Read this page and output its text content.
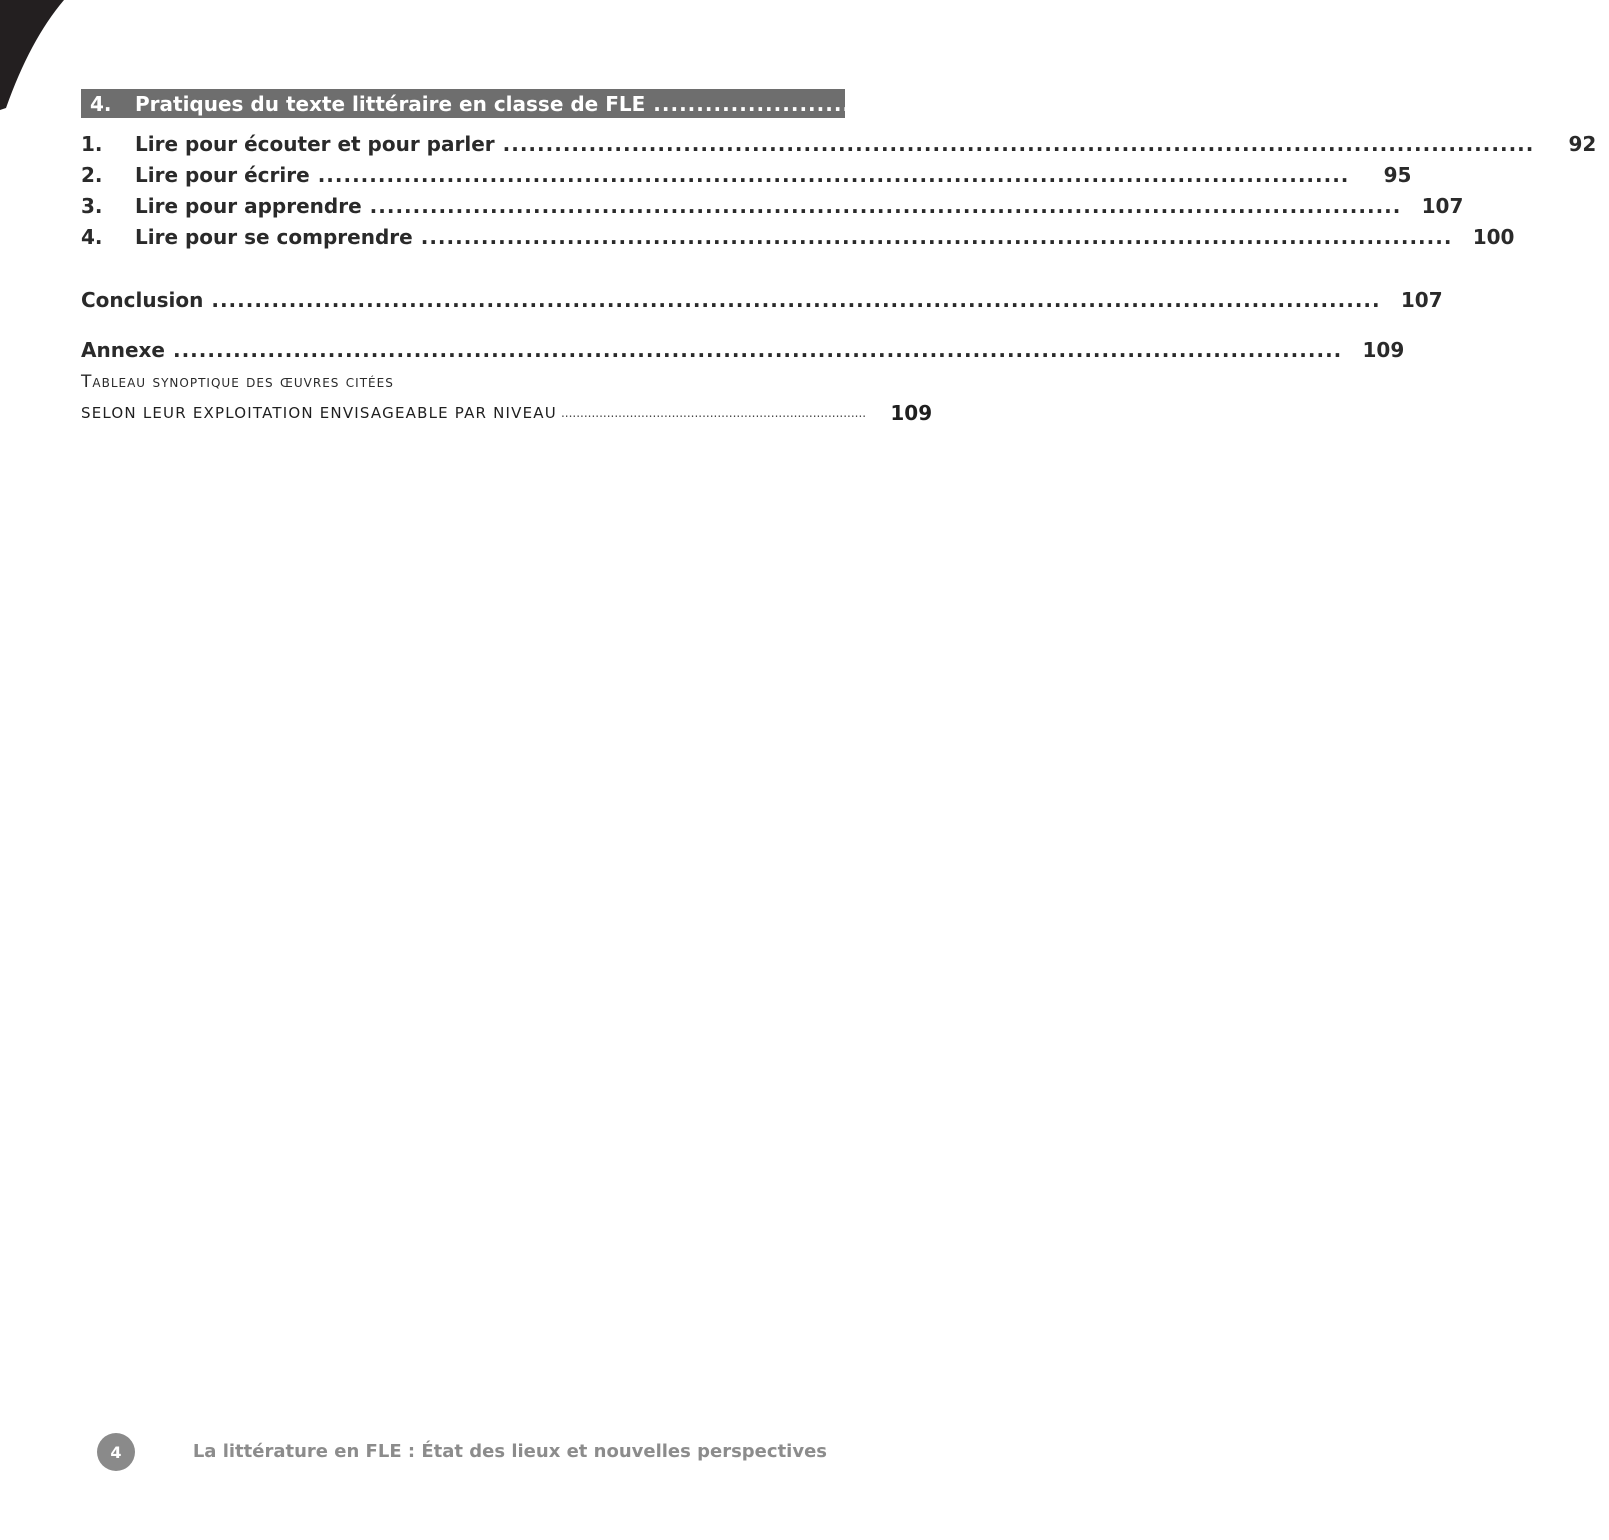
4.	Pratiques du texte littéraire en classe de FLE ........................................................................................................	93
1.	Lire pour écouter et pour parler ........................................................................................................................	92
2.	Lire pour écrire ........................................................................................................................	95
3.	Lire pour apprendre ........................................................................................................................	107
4.	Lire pour se comprendre ........................................................................................................................	100
Conclusion ........................................................................................................................................	107
Annexe ........................................................................................................................................	109
Tableau synoptique des œuvres citées
SELON LEUR EXPLOITATION ENVISAGEABLE PAR NIVEAU ................................................................................	109
4	La littérature en FLE : État des lieux et nouvelles perspectives
